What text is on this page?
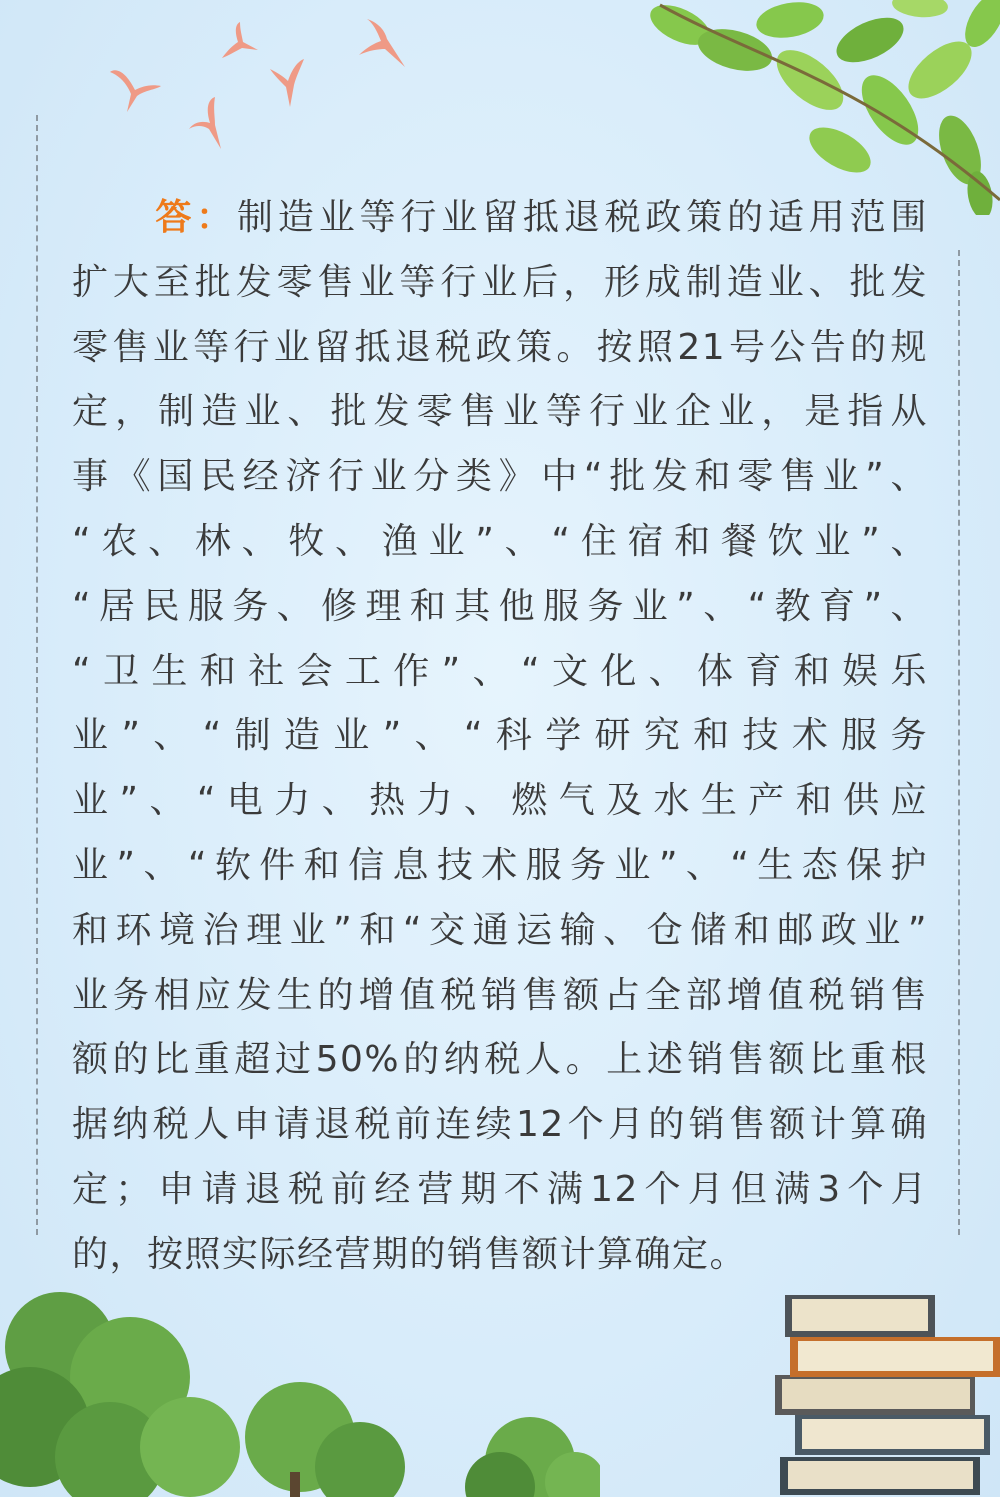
答：制造业等行业留抵退税政策的适用范围
扩大至批发零售业等行业后，形成制造业、批发
零售业等行业留抵退税政策。按照21号公告的规
定，制造业、批发零售业等行业企业，是指从
事《国民经济行业分类》中“批发和零售业”、
“农、林、牧、渔业”、“住宿和餐饮业”、
“居民服务、修理和其他服务业”、“教育”、
“卫生和社会工作”、“文化、体育和娱乐
业”、“制造业”、“科学研究和技术服务
业”、“电力、热力、燃气及水生产和供应
业”、“软件和信息技术服务业”、“生态保护
和环境治理业”和“交通运输、仓储和邮政业”
业务相应发生的增值税销售额占全部增值税销售
额的比重超过50%的纳税人。上述销售额比重根
据纳税人申请退税前连续12个月的销售额计算确
定；申请退税前经营期不满12个月但满3个月
的，按照实际经营期的销售额计算确定。
